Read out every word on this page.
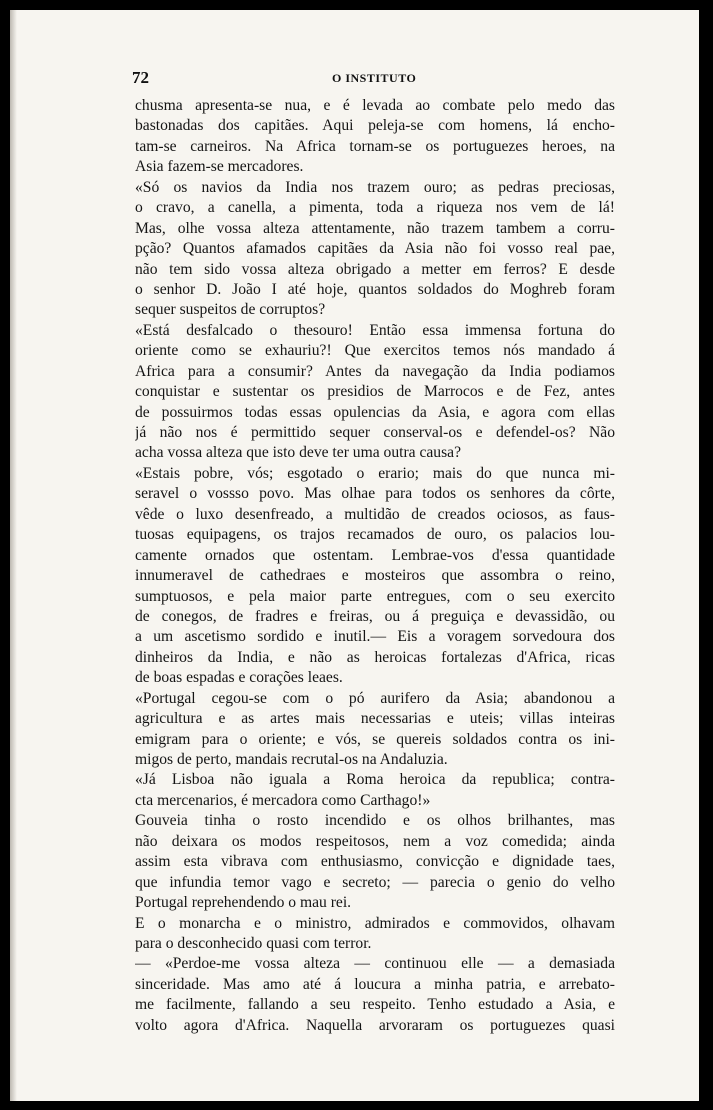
72	O INSTITUTO
chusma apresenta-se nua, e é levada ao combate pelo medo das
bastonadas dos capitães. Aqui peleja-se com homens, lá encho-
tam-se carneiros. Na Africa tornam-se os portuguezes heroes, na
Asia fazem-se mercadores.
«Só os navios da India nos trazem ouro; as pedras preciosas,
o cravo, a canella, a pimenta, toda a riqueza nos vem de lá!
Mas, olhe vossa alteza attentamente, não trazem tambem a corru-
pção? Quantos afamados capitães da Asia não foi vosso real pae,
não tem sido vossa alteza obrigado a metter em ferros? E desde
o senhor D. João I até hoje, quantos soldados do Moghreb foram
sequer suspeitos de corruptos?
«Está desfalcado o thesouro! Então essa immensa fortuna do
oriente como se exhauriu?! Que exercitos temos nós mandado á
Africa para a consumir? Antes da navegação da India podiamos
conquistar e sustentar os presidios de Marrocos e de Fez, antes
de possuirmos todas essas opulencias da Asia, e agora com ellas
já não nos é permittido sequer conserval-os e defendel-os? Não
acha vossa alteza que isto deve ter uma outra causa?
«Estais pobre, vós; esgotado o erario; mais do que nunca mi-
seravel o vossso povo. Mas olhae para todos os senhores da côrte,
vêde o luxo desenfreado, a multidão de creados ociosos, as faus-
tuosas equipagens, os trajos recamados de ouro, os palacios lou-
camente ornados que ostentam. Lembrae-vos d'essa quantidade
innumeravel de cathedraes e mosteiros que assombra o reino,
sumptuosos, e pela maior parte entregues, com o seu exercito
de conegos, de fradres e freiras, ou á preguiça e devassidão, ou
a um ascetismo sordido e inutil.— Eis a voragem sorvedoura dos
dinheiros da India, e não as heroicas fortalezas d'Africa, ricas
de boas espadas e corações leaes.
«Portugal cegou-se com o pó aurifero da Asia; abandonou a
agricultura e as artes mais necessarias e uteis; villas inteiras
emigram para o oriente; e vós, se quereis soldados contra os ini-
migos de perto, mandais recrutal-os na Andaluzia.
«Já Lisboa não iguala a Roma heroica da republica; contra-
cta mercenarios, é mercadora como Carthago!»
Gouveia tinha o rosto incendido e os olhos brilhantes, mas
não deixara os modos respeitosos, nem a voz comedida; ainda
assim esta vibrava com enthusiasmo, convicção e dignidade taes,
que infundia temor vago e secreto; — parecia o genio do velho
Portugal reprehendendo o mau rei.
E o monarcha e o ministro, admirados e commovidos, olhavam
para o desconhecido quasi com terror.
— «Perdoe-me vossa alteza — continuou elle — a demasiada
sinceridade. Mas amo até á loucura a minha patria, e arrebato-
me facilmente, fallando a seu respeito. Tenho estudado a Asia, e
volto agora d'Africa. Naquella arvoraram os portuguezes quasi
